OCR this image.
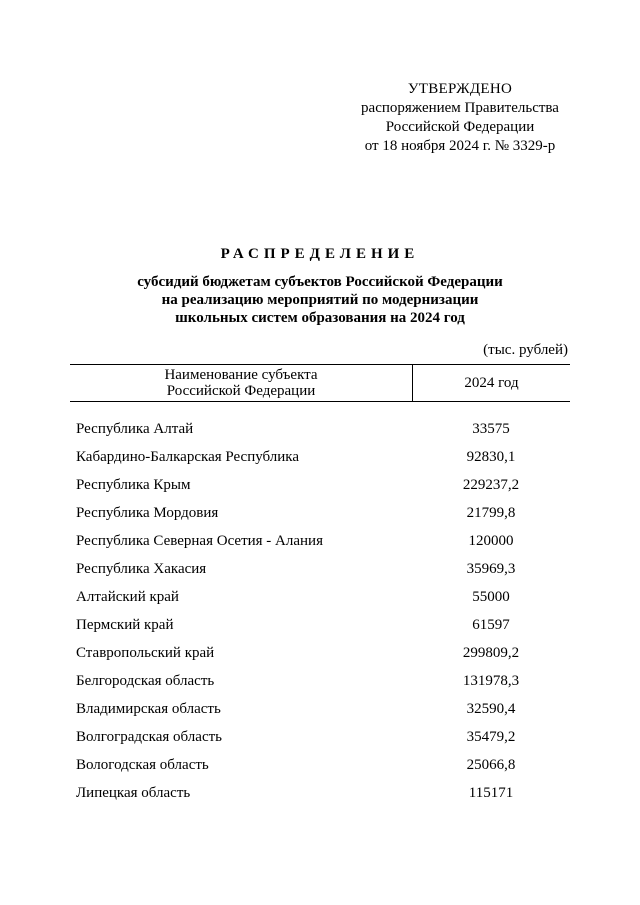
УТВЕРЖДЕНО
распоряжением Правительства
Российской Федерации
от 18 ноября 2024 г. № 3329-р
РАСПРЕДЕЛЕНИЕ
субсидий бюджетам субъектов Российской Федерации
на реализацию мероприятий по модернизации
школьных систем образования на 2024 год
(тыс. рублей)
Наименование субъекта
Российской Федерации	2024 год
Республика Алтай	33575
Кабардино-Балкарская Республика	92830,1
Республика Крым	229237,2
Республика Мордовия	21799,8
Республика Северная Осетия - Алания	120000
Республика Хакасия	35969,3
Алтайский край	55000
Пермский край	61597
Ставропольский край	299809,2
Белгородская область	131978,3
Владимирская область	32590,4
Волгоградская область	35479,2
Вологодская область	25066,8
Липецкая область	115171
